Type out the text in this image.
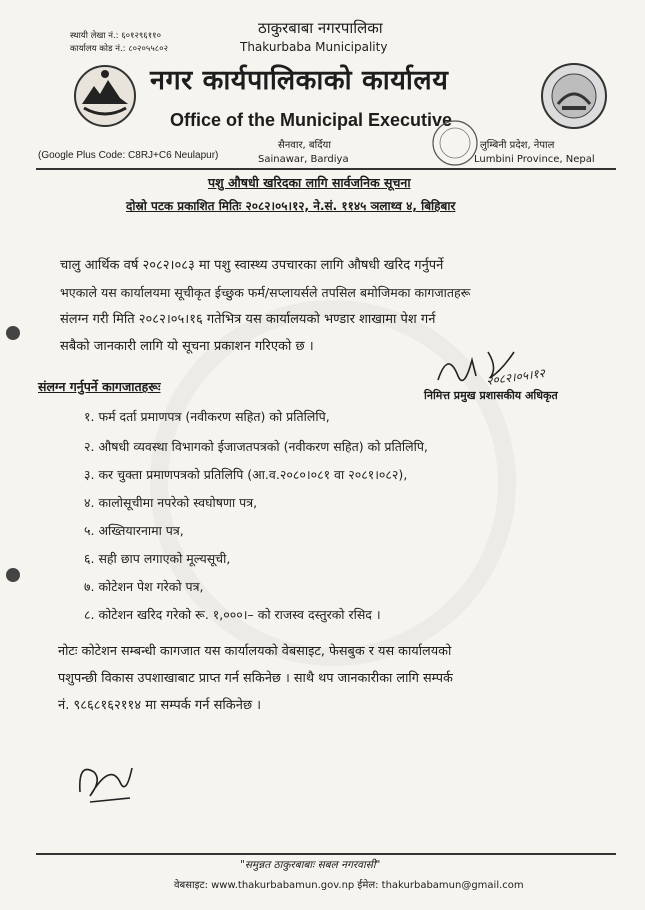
स्थायी लेखा नं.: ६०१२९६११०
कार्यालय कोड नं.: ८०२०५५८०२
ठाकुरबाबा नगरपालिका
Thakurbaba Municipality
नगर कार्यपालिकाको कार्यालय
Office of the Municipal Executive
सैनवार, बर्दिया
Sainawar, Bardiya
लुम्बिनी प्रदेश, नेपाल
Lumbini Province, Nepal
(Google Plus Code: C8RJ+C6 Neulapur)
पशु औषधी खरिदका लागि सार्वजनिक सूचना
दोस्रो पटक प्रकाशित मितिः २०८२।०५।१२, ने.सं. ११४५ ञलाथ्व ४, बिहिबार
चालु आर्थिक वर्ष २०८२।०८३ मा पशु स्वास्थ्य उपचारका लागि औषधी खरिद गर्नुपर्ने
भएकाले यस कार्यालयमा सूचीकृत ईच्छुक फर्म/सप्लायर्सले तपसिल बमोजिमका कागजातहरू
संलग्न गरी मिति २०८२।०५।१६ गतेभित्र यस कार्यालयको भण्डार शाखामा पेश गर्न
सबैको जानकारी लागि यो सूचना प्रकाशन गरिएको छ ।
२०८२।०५।१२
निमित्त प्रमुख प्रशासकीय अधिकृत
संलग्न गर्नुपर्ने कागजातहरूः
१. फर्म दर्ता प्रमाणपत्र (नवीकरण सहित) को प्रतिलिपि,
२. औषधी व्यवस्था विभागको ईजाजतपत्रको (नवीकरण सहित) को प्रतिलिपि,
३. कर चुक्ता प्रमाणपत्रको प्रतिलिपि (आ.व.२०८०।०८१ वा २०८१।०८२),
४. कालोसूचीमा नपरेको स्वघोषणा पत्र,
५. अख्तियारनामा पत्र,
६. सही छाप लगाएको मूल्यसूची,
७. कोटेशन पेश गरेको पत्र,
८. कोटेशन खरिद गरेको रू. १,०००।– को राजस्व दस्तुरको रसिद ।
नोटः कोटेशन सम्बन्धी कागजात यस कार्यालयको वेबसाइट, फेसबुक र यस कार्यालयको
पशुपन्छी विकास उपशाखाबाट प्राप्त गर्न सकिनेछ । साथै थप जानकारीका लागि सम्पर्क
नं. ९८६८१६२११४ मा सम्पर्क गर्न सकिनेछ ।
"समुन्नत ठाकुरबाबाः सबल नगरवासी"
वेबसाइट: www.thakurbabamun.gov.np ईमेल: thakurbabamun@gmail.com
